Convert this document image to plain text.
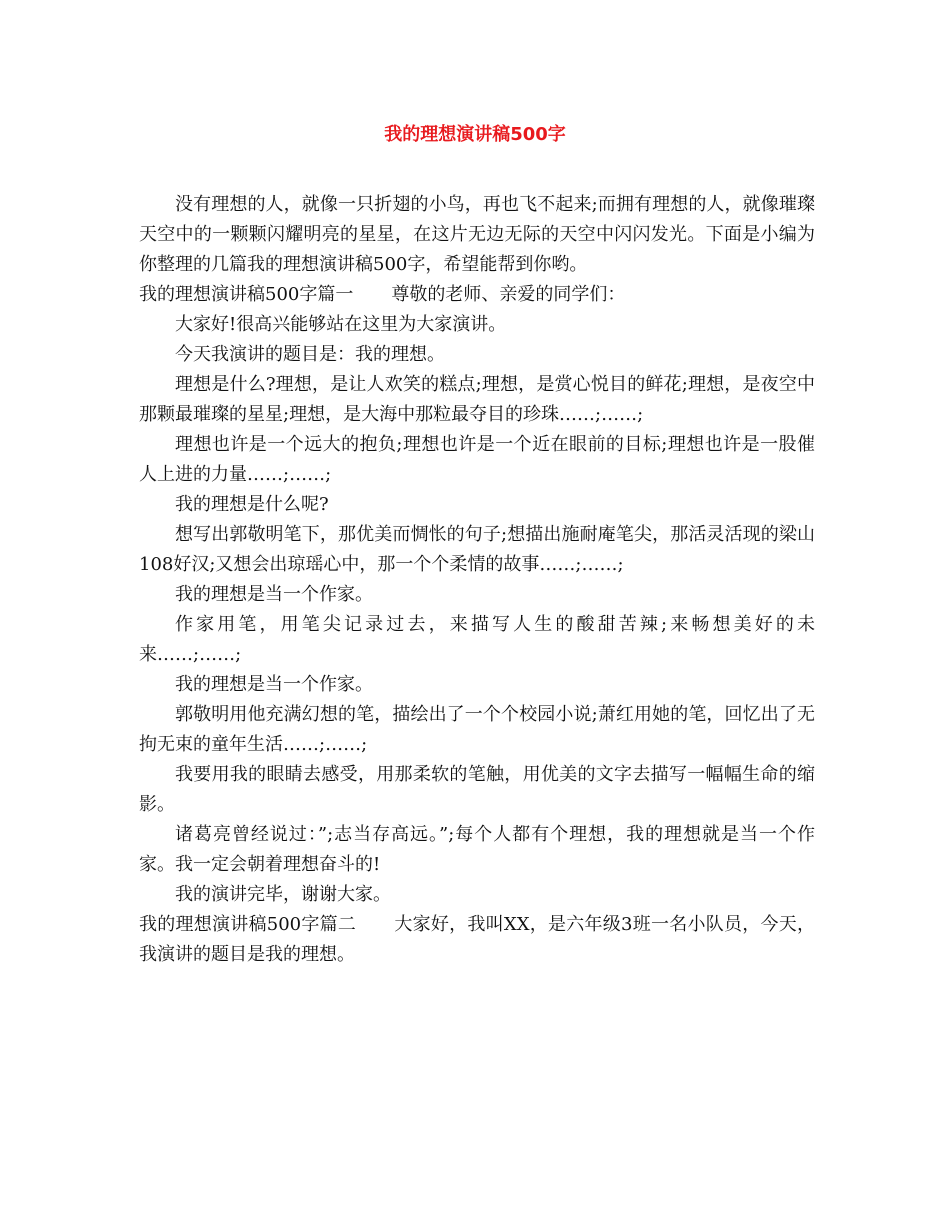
我的理想演讲稿500字

没有理想的人，就像一只折翅的小鸟，再也飞不起来;而拥有理想的人，就像璀璨天空中的一颗颗闪耀明亮的星星，在这片无边无际的天空中闪闪发光。下面是小编为你整理的几篇我的理想演讲稿500字，希望能帮到你哟。

我的理想演讲稿500字篇一 尊敬的老师、亲爱的同学们：

大家好!很高兴能够站在这里为大家演讲。

今天我演讲的题目是：我的理想。

理想是什么?理想，是让人欢笑的糕点;理想，是赏心悦目的鲜花;理想，是夜空中那颗最璀璨的星星;理想，是大海中那粒最夺目的珍珠……;……;

理想也许是一个远大的抱负;理想也许是一个近在眼前的目标;理想也许是一股催人上进的力量……;……;

我的理想是什么呢?

想写出郭敬明笔下，那优美而惆怅的句子;想描出施耐庵笔尖，那活灵活现的梁山108好汉;又想会出琼瑶心中，那一个个柔情的故事……;……;

我的理想是当一个作家。

作家用笔，用笔尖记录过去，来描写人生的酸甜苦辣;来畅想美好的未来……;……;

我的理想是当一个作家。

郭敬明用他充满幻想的笔，描绘出了一个个校园小说;萧红用她的笔，回忆出了无拘无束的童年生活……;……;

我要用我的眼睛去感受，用那柔软的笔触，用优美的文字去描写一幅幅生命的缩影。

诸葛亮曾经说过：”;志当存高远。”;每个人都有个理想，我的理想就是当一个作家。我一定会朝着理想奋斗的!

我的演讲完毕，谢谢大家。

我的理想演讲稿500字篇二 大家好，我叫XX，是六年级3班一名小队员，今天，我演讲的题目是我的理想。
